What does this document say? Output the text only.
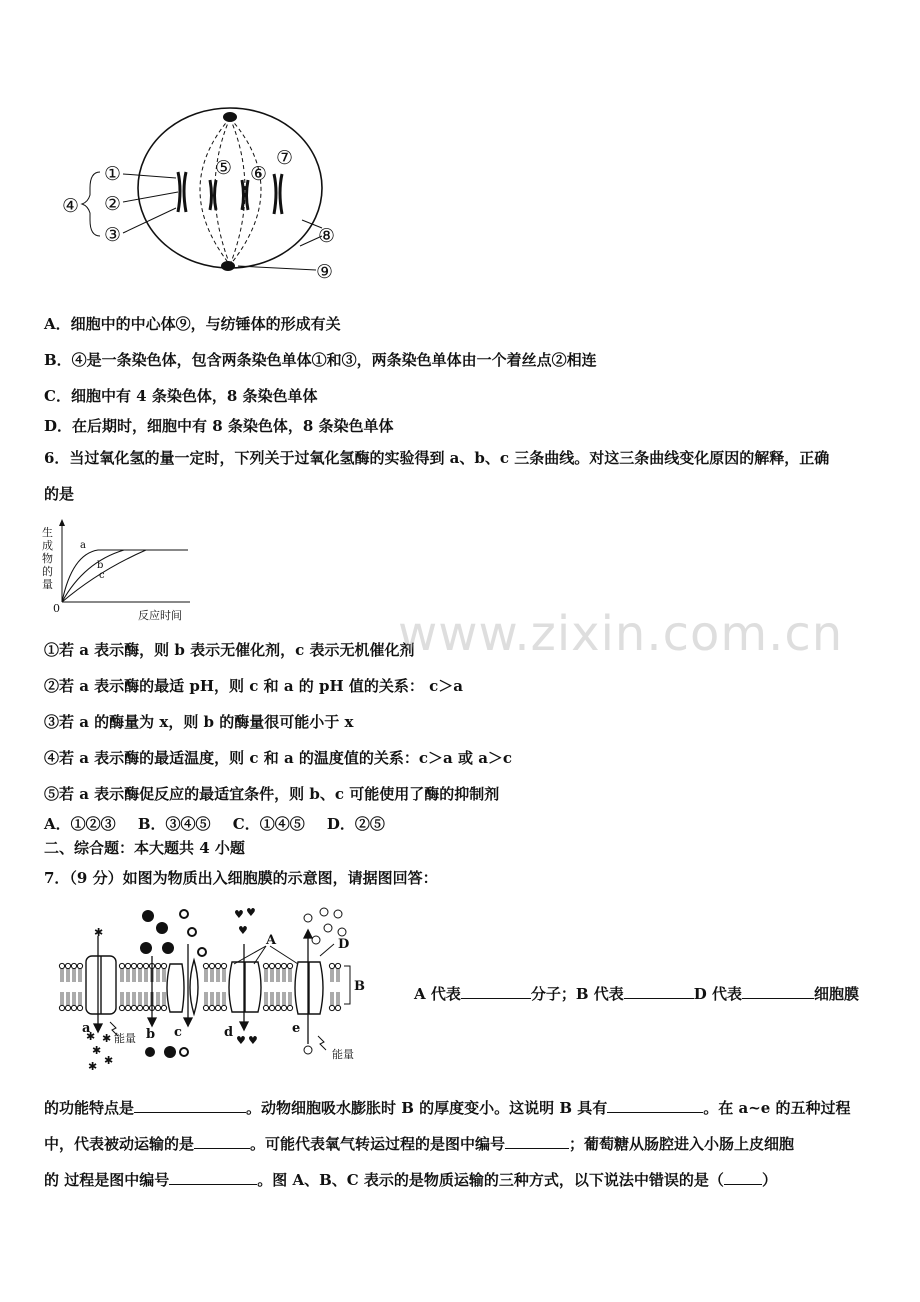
①
②
③
④
⑤ ⑥
⑦
⑧
⑨
A．细胞中的中心体⑨，与纺锤体的形成有关
B．④是一条染色体，包含两条染色单体①和③，两条染色单体由一个着丝点②相连
C．细胞中有 4 条染色体，8 条染色单体
D．在后期时，细胞中有 8 条染色体，8 条染色单体
6．当过氧化氢的量一定时，下列关于过氧化氢酶的实验得到 a、b、c 三条曲线。对这三条曲线变化原因的解释，正确
的是
a
b
c
生
成
物
的
量
0
反应时间
①若 a 表示酶，则 b 表示无催化剂，c 表示无机催化剂
②若 a 表示酶的最适 pH，则 c 和 a 的 pH 值的关系： c＞a
③若 a 的酶量为 x，则 b 的酶量很可能小于 x
④若 a 表示酶的最适温度，则 c 和 a 的温度值的关系：c＞a 或 a＞c
⑤若 a 表示酶促反应的最适宜条件，则 b、c 可能使用了酶的抑制剂
A．①②③　 B．③④⑤　 C．①④⑤　 D．②⑤
二、综合题：本大题共 4 小题
7．（9 分）如图为物质出入细胞膜的示意图，请据图回答：
♥ ♥
♥
♥ ♥
✱
✱ ✱
✱
✱ ✱
A
B
D
a	b c	d	e
能量
能量
A 代表	分子；B 代表	D 代表	细胞膜
的功能特点是	。动物细胞吸水膨胀时 B 的厚度变小。这说明 B 具有	。在 a~e 的五种过程
中，代表被动运输的是	。可能代表氧气转运过程的是图中编号	；葡萄糖从肠腔进入小肠上皮细胞
的 过程是图中编号	。图 A、B、C 表示的是物质运输的三种方式，以下说法中错误的是（	）
www.zixin.com.cn
